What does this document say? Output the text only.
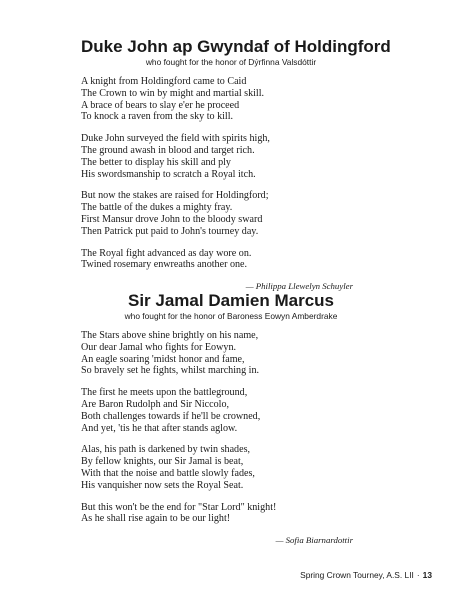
Duke John ap Gwyndaf of Holdingford

who fought for the honor of Dýrfinna Valsdóttir

A knight from Holdingford came to Caid
The Crown to win by might and martial skill.
A brace of bears to slay e'er he proceed
To knock a raven from the sky to kill.
Duke John surveyed the field with spirits high,
The ground awash in blood and target rich.
The better to display his skill and ply
His swordsmanship to scratch a Royal itch.
But now the stakes are raised for Holdingford;
The battle of the dukes a mighty fray.
First Mansur drove John to the bloody sward
Then Patrick put paid to John's tourney day.
The Royal fight advanced as day wore on.
Twined rosemary enwreaths another one.
— Philippa Llewelyn Schuyler
Sir Jamal Damien Marcus

who fought for the honor of Baroness Eowyn Amberdrake

The Stars above shine brightly on his name,
Our dear Jamal who fights for Eowyn.
An eagle soaring 'midst honor and fame,
So bravely set he fights, whilst marching in.
The first he meets upon the battleground,
Are Baron Rudolph and Sir Niccolo,
Both challenges towards if he'll be crowned,
And yet, 'tis he that after stands aglow.
Alas, his path is darkened by twin shades,
By fellow knights, our Sir Jamal is beat,
With that the noise and battle slowly fades,
His vanquisher now sets the Royal Seat.
But this won't be the end for "Star Lord" knight!
As he shall rise again to be our light!
— Sofia Biarnardottir
Spring Crown Tourney, A.S. LII · 13
